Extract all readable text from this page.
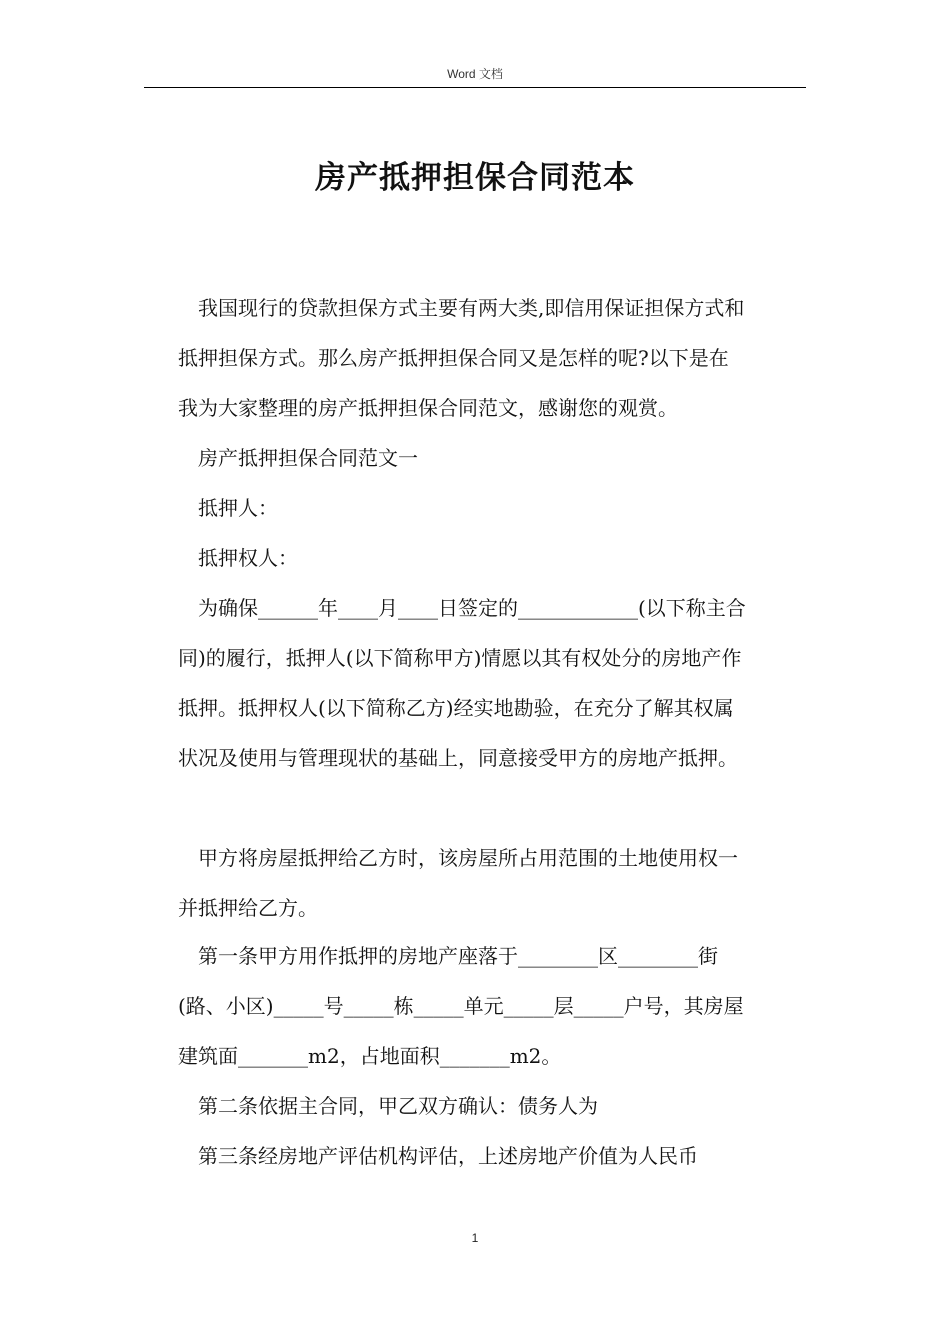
Word 文档
房产抵押担保合同范本

我国现行的贷款担保方式主要有两大类,即信用保证担保方式和

抵押担保方式。那么房产抵押担保合同又是怎样的呢?以下是在

我为大家整理的房产抵押担保合同范文，感谢您的观赏。

房产抵押担保合同范文一

抵押人：

抵押权人：

为确保______年____月____日签定的____________(以下称主合

同)的履行，抵押人(以下简称甲方)情愿以其有权处分的房地产作

抵押。抵押权人(以下简称乙方)经实地勘验，在充分了解其权属

状况及使用与管理现状的基础上，同意接受甲方的房地产抵押。

甲方将房屋抵押给乙方时，该房屋所占用范围的土地使用权一

并抵押给乙方。

第一条甲方用作抵押的房地产座落于________区________街

(路、小区)_____号_____栋_____单元_____层_____户号，其房屋

建筑面_______m2，占地面积_______m2。

第二条依据主合同，甲乙双方确认：债务人为

第三条经房地产评估机构评估，上述房地产价值为人民币

1
